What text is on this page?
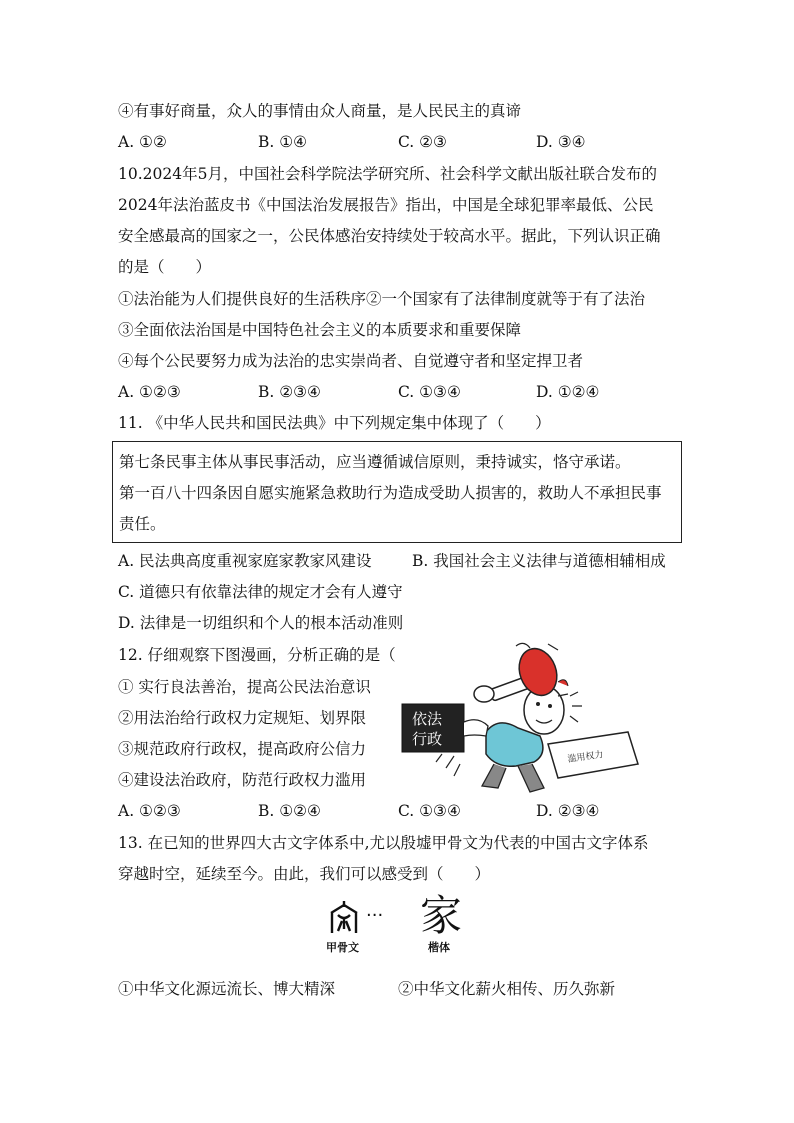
④有事好商量，众人的事情由众人商量，是人民民主的真谛
A. ①②	B. ①④	C. ②③	D. ③④
10.2024年5月，中国社会科学院法学研究所、社会科学文献出版社联合发布的
2024年法治蓝皮书《中国法治发展报告》指出，中国是全球犯罪率最低、公民
安全感最高的国家之一，公民体感治安持续处于较高水平。据此，下列认识正确
的是（　　）
①法治能为人们提供良好的生活秩序②一个国家有了法律制度就等于有了法治
③全面依法治国是中国特色社会主义的本质要求和重要保障
④每个公民要努力成为法治的忠实崇尚者、自觉遵守者和坚定捍卫者
A. ①②③	B. ②③④	C. ①③④	D. ①②④
11. 《中华人民共和国民法典》中下列规定集中体现了（　　）
第七条民事主体从事民事活动，应当遵循诚信原则，秉持诚实，恪守承诺。
第一百八十四条因自愿实施紧急救助行为造成受助人损害的，救助人不承担民事
责任。
A. 民法典高度重视家庭家教家风建设	B. 我国社会主义法律与道德相辅相成
C. 道德只有依靠法律的规定才会有人遵守
D. 法律是一切组织和个人的根本活动准则
12. 仔细观察下图漫画，分析正确的是（
① 实行良法善治，提高公民法治意识
②用法治给行政权力定规矩、划界限
③规范政府行政权，提高政府公信力
④建设法治政府，防范行政权力滥用
A. ①②③	B. ①②④	C. ①③④	D. ②③④
滥用权力
依法
行政
13. 在已知的世界四大古文字体系中,尤以殷墟甲骨文为代表的中国古文字体系
穿越时空，延续至今。由此，我们可以感受到（　　）
··· 家
甲骨文	楷体
①中华文化源远流长、博大精深	②中华文化薪火相传、历久弥新
